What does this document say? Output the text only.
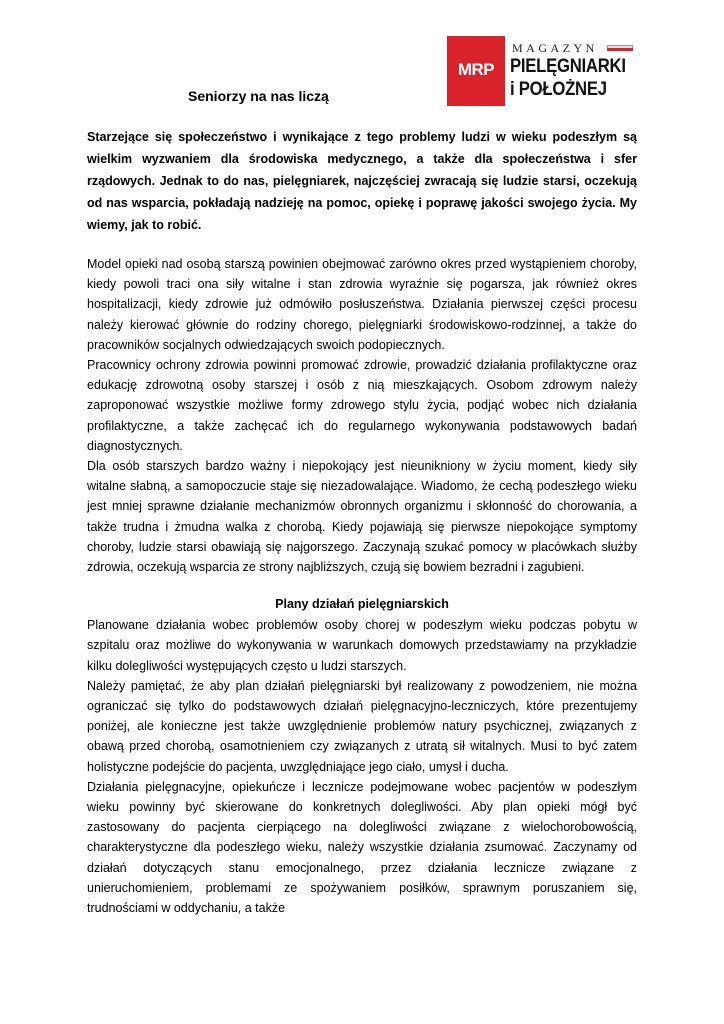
MRP
MAGAZYN
PIELĘGNIARKI
i POŁOŻNEJ
Seniorzy na nas liczą

Starzejące się społeczeństwo i wynikające z tego problemy ludzi w wieku podeszłym są wielkim wyzwaniem dla środowiska medycznego, a także dla społeczeństwa i sfer rządowych. Jednak to do nas, pielęgniarek, najczęściej zwracają się ludzie starsi, oczekują od nas wsparcia, pokładają nadzieję na pomoc, opiekę i poprawę jakości swojego życia. My wiemy, jak to robić.

Model opieki nad osobą starszą powinien obejmować zarówno okres przed wystąpieniem choroby, kiedy powoli traci ona siły witalne i stan zdrowia wyraźnie się pogarsza, jak również okres hospitalizacji, kiedy zdrowie już odmówiło posłuszeństwa. Działania pierwszej części procesu należy kierować głównie do rodziny chorego, pielęgniarki środowiskowo-rodzinnej, a także do pracowników socjalnych odwiedzających swoich podopiecznych.

Pracownicy ochrony zdrowia powinni promować zdrowie, prowadzić działania profilaktyczne oraz edukację zdrowotną osoby starszej i osób z nią mieszkających. Osobom zdrowym należy zaproponować wszystkie możliwe formy zdrowego stylu życia, podjąć wobec nich działania profilaktyczne, a także zachęcać ich do regularnego wykonywania podstawowych badań diagnostycznych.

Dla osób starszych bardzo ważny i niepokojący jest nieunikniony w życiu moment, kiedy siły witalne słabną, a samopoczucie staje się niezadowalające. Wiadomo, że cechą podeszłego wieku jest mniej sprawne działanie mechanizmów obronnych organizmu i skłonność do chorowania, a także trudna i żmudna walka z chorobą. Kiedy pojawiają się pierwsze niepokojące symptomy choroby, ludzie starsi obawiają się najgorszego. Zaczynają szukać pomocy w placówkach służby zdrowia, oczekują wsparcia ze strony najbliższych, czują się bowiem bezradni i zagubieni.

Plany działań pielęgniarskich

Planowane działania wobec problemów osoby chorej w podeszłym wieku podczas pobytu w szpitalu oraz możliwe do wykonywania w warunkach domowych przedstawiamy na przykładzie kilku dolegliwości występujących często u ludzi starszych.

Należy pamiętać, że aby plan działań pielęgniarski był realizowany z powodzeniem, nie można ograniczać się tylko do podstawowych działań pielęgnacyjno-leczniczych, które prezentujemy poniżej, ale konieczne jest także uwzględnienie problemów natury psychicznej, związanych z obawą przed chorobą, osamotnieniem czy związanych z utratą sił witalnych. Musi to być zatem holistyczne podejście do pacjenta, uwzględniające jego ciało, umysł i ducha.

Działania pielęgnacyjne, opiekuńcze i lecznicze podejmowane wobec pacjentów w podeszłym wieku powinny być skierowane do konkretnych dolegliwości. Aby plan opieki mógł być zastosowany do pacjenta cierpiącego na dolegliwości związane z wielochorobowością, charakterystyczne dla podeszłego wieku, należy wszystkie działania zsumować. Zaczynamy od działań dotyczących stanu emocjonalnego, przez działania lecznicze związane z unieruchomieniem, problemami ze spożywaniem posiłków, sprawnym poruszaniem się, trudnościami w oddychaniu, a także
